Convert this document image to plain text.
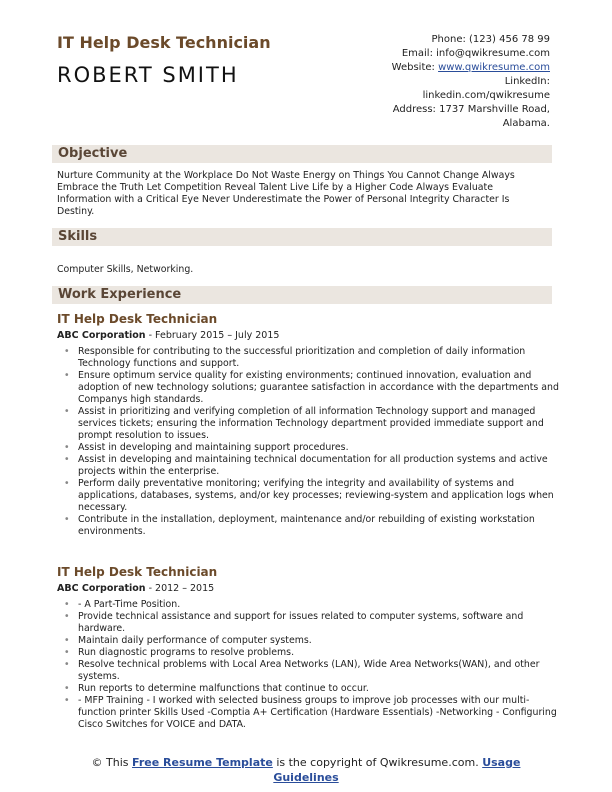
IT Help Desk Technician
ROBERT SMITH
Phone: (123) 456 78 99
Email: info@qwikresume.com
Website: www.qwikresume.com
LinkedIn:
linkedin.com/qwikresume
Address: 1737 Marshville Road,
Alabama.
Objective
Nurture Community at the Workplace Do Not Waste Energy on Things You Cannot Change Always Embrace the Truth Let Competition Reveal Talent Live Life by a Higher Code Always Evaluate Information with a Critical Eye Never Underestimate the Power of Personal Integrity Character Is Destiny.
Skills
Computer Skills, Networking.
Work Experience
IT Help Desk Technician
ABC Corporation - February 2015 – July 2015
• Responsible for contributing to the successful prioritization and completion of daily information Technology functions and support.
• Ensure optimum service quality for existing environments; continued innovation, evaluation and adoption of new technology solutions; guarantee satisfaction in accordance with the departments and Companys high standards.
• Assist in prioritizing and verifying completion of all information Technology support and managed services tickets; ensuring the information Technology department provided immediate support and prompt resolution to issues.
• Assist in developing and maintaining support procedures.
• Assist in developing and maintaining technical documentation for all production systems and active projects within the enterprise.
• Perform daily preventative monitoring; verifying the integrity and availability of systems and applications, databases, systems, and/or key processes; reviewing-system and application logs when necessary.
• Contribute in the installation, deployment, maintenance and/or rebuilding of existing workstation environments.
IT Help Desk Technician
ABC Corporation - 2012 – 2015
• - A Part-Time Position.
• Provide technical assistance and support for issues related to computer systems, software and hardware.
• Maintain daily performance of computer systems.
• Run diagnostic programs to resolve problems.
• Resolve technical problems with Local Area Networks (LAN), Wide Area Networks(WAN), and other systems.
• Run reports to determine malfunctions that continue to occur.
• - MFP Training - I worked with selected business groups to improve job processes with our multi-function printer Skills Used -Comptia A+ Certification (Hardware Essentials) -Networking - Configuring Cisco Switches for VOICE and DATA.
© This Free Resume Template is the copyright of Qwikresume.com. Usage
Guidelines
